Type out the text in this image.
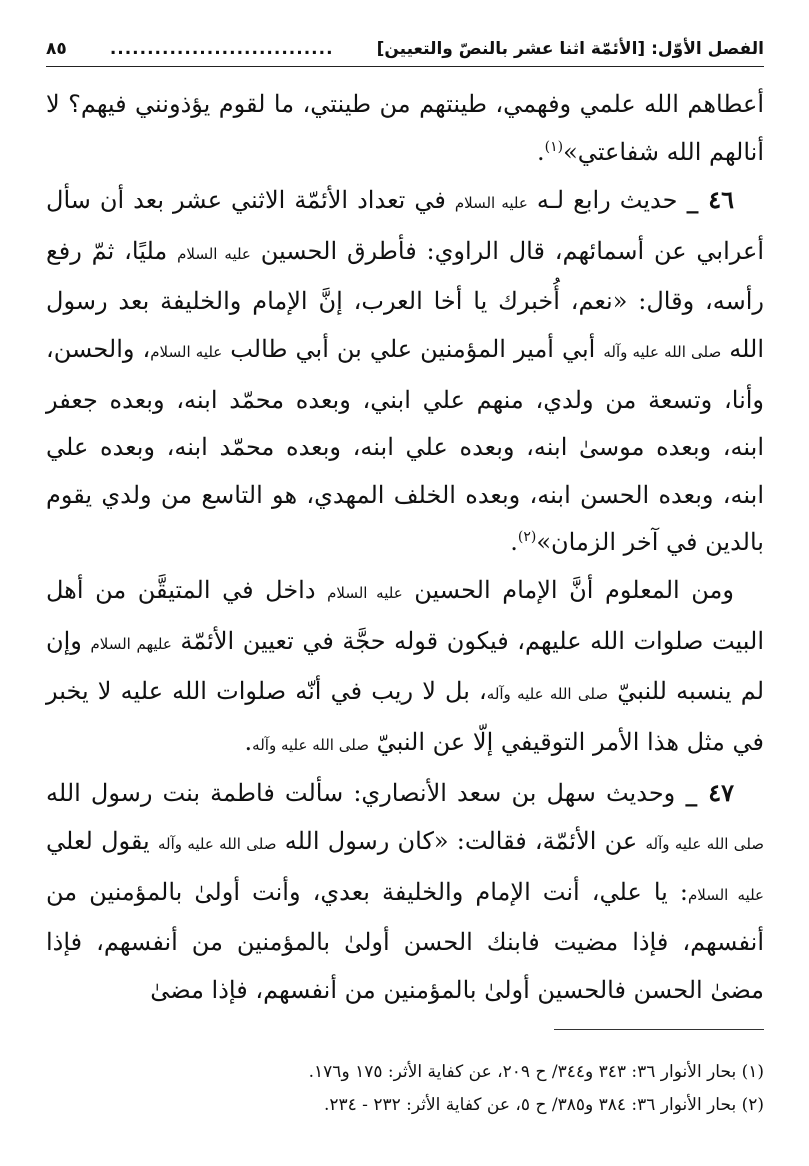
الفصل الأوّل: [الأئمّة اثنا عشر بالنصّ والتعيين]
..............................
٨٥

أعطاهم الله علمي وفهمي، طينتهم من طينتي، ما لقوم يؤذونني فيهم؟ لا أنالهم الله شفاعتي»$^{(١)}$.

٤٦ _ حديث رابع لـه عليه السلام في تعداد الأئمّة الاثني عشر بعد أن سأل أعرابي عن أسمائهم، قال الراوي: فأطرق الحسين عليه السلام مليًا، ثمّ رفع رأسه، وقال: «نعم، أُخبرك يا أخا العرب، إنَّ الإمام والخليفة بعد رسول الله صلى الله عليه وآله أبي أمير المؤمنين علي بن أبي طالب عليه السلام، والحسن، وأنا، وتسعة من ولدي، منهم علي ابني، وبعده محمّد ابنه، وبعده جعفر ابنه، وبعده موسىٰ ابنه، وبعده علي ابنه، وبعده محمّد ابنه، وبعده علي ابنه، وبعده الحسن ابنه، وبعده الخلف المهدي، هو التاسع من ولدي يقوم بالدين في آخر الزمان»$^{(٢)}$.

ومن المعلوم أنَّ الإمام الحسين عليه السلام داخل في المتيقَّن من أهل البيت صلوات الله عليهم، فيكون قوله حجَّة في تعيين الأئمّة عليهم السلام وإن لم ينسبه للنبيّ صلى الله عليه وآله، بل لا ريب في أنّه صلوات الله عليه لا يخبر في مثل هذا الأمر التوقيفي إلّا عن النبيّ صلى الله عليه وآله.

٤٧ _ وحديث سهل بن سعد الأنصاري: سألت فاطمة بنت رسول الله صلى الله عليه وآله عن الأئمّة، فقالت: «كان رسول الله صلى الله عليه وآله يقول لعلي عليه السلام: يا علي، أنت الإمام والخليفة بعدي، وأنت أولىٰ بالمؤمنين من أنفسهم، فإذا مضيت فابنك الحسن أولىٰ بالمؤمنين من أنفسهم، فإذا مضىٰ الحسن فالحسين أولىٰ بالمؤمنين من أنفسهم، فإذا مضىٰ

(١) بحار الأنوار ٣٦: ٣٤٣ و٣٤٤/ ح ٢٠٩، عن كفاية الأثر: ١٧٥ و١٧٦.

(٢) بحار الأنوار ٣٦: ٣٨٤ و٣٨٥/ ح ٥، عن كفاية الأثر: ٢٣٢ - ٢٣٤.
